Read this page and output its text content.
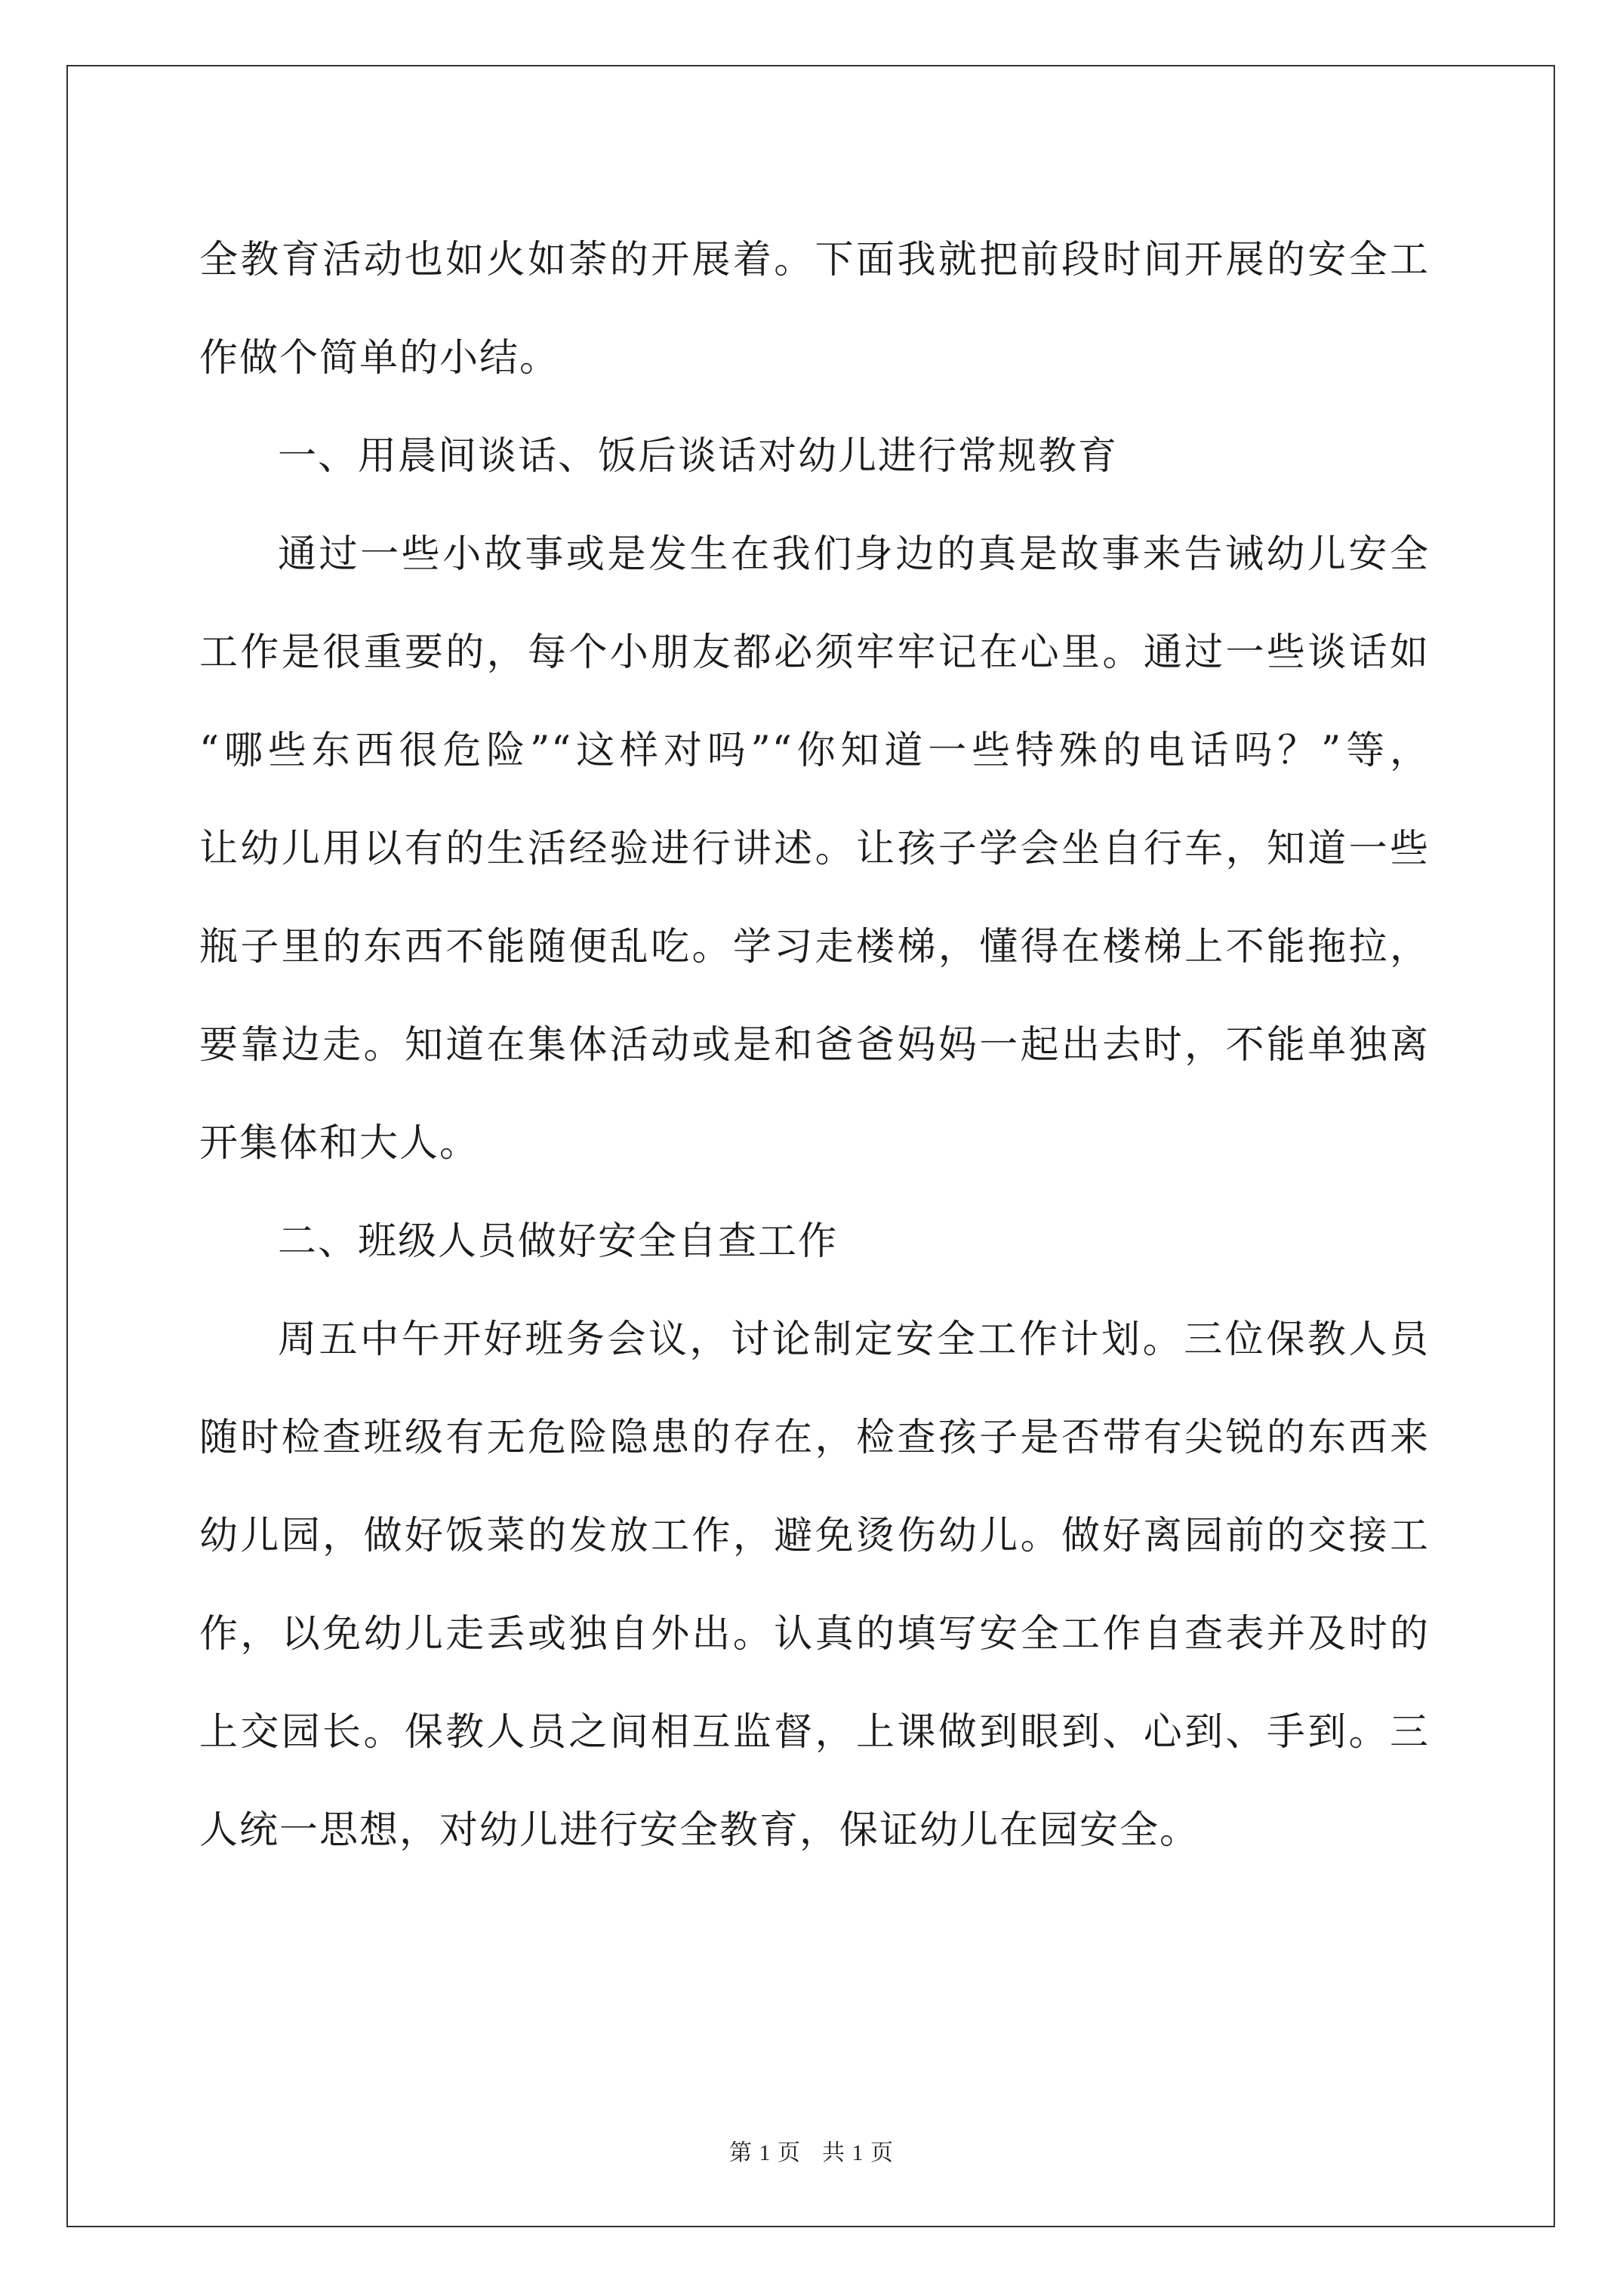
全教育活动也如火如荼的开展着。下面我就把前段时间开展的安全工
作做个简单的小结。
一、用晨间谈话、饭后谈话对幼儿进行常规教育
通过一些小故事或是发生在我们身边的真是故事来告诫幼儿安全
工作是很重要的，每个小朋友都必须牢牢记在心里。通过一些谈话如
“哪些东西很危险”“这样对吗”“你知道一些特殊的电话吗？”等，
让幼儿用以有的生活经验进行讲述。让孩子学会坐自行车，知道一些
瓶子里的东西不能随便乱吃。学习走楼梯，懂得在楼梯上不能拖拉，
要靠边走。知道在集体活动或是和爸爸妈妈一起出去时，不能单独离
开集体和大人。
二、班级人员做好安全自查工作
周五中午开好班务会议，讨论制定安全工作计划。三位保教人员
随时检查班级有无危险隐患的存在，检查孩子是否带有尖锐的东西来
幼儿园，做好饭菜的发放工作，避免烫伤幼儿。做好离园前的交接工
作，以免幼儿走丢或独自外出。认真的填写安全工作自查表并及时的
上交园长。保教人员之间相互监督，上课做到眼到、心到、手到。三
人统一思想，对幼儿进行安全教育，保证幼儿在园安全。
第 1 页 共 1 页
